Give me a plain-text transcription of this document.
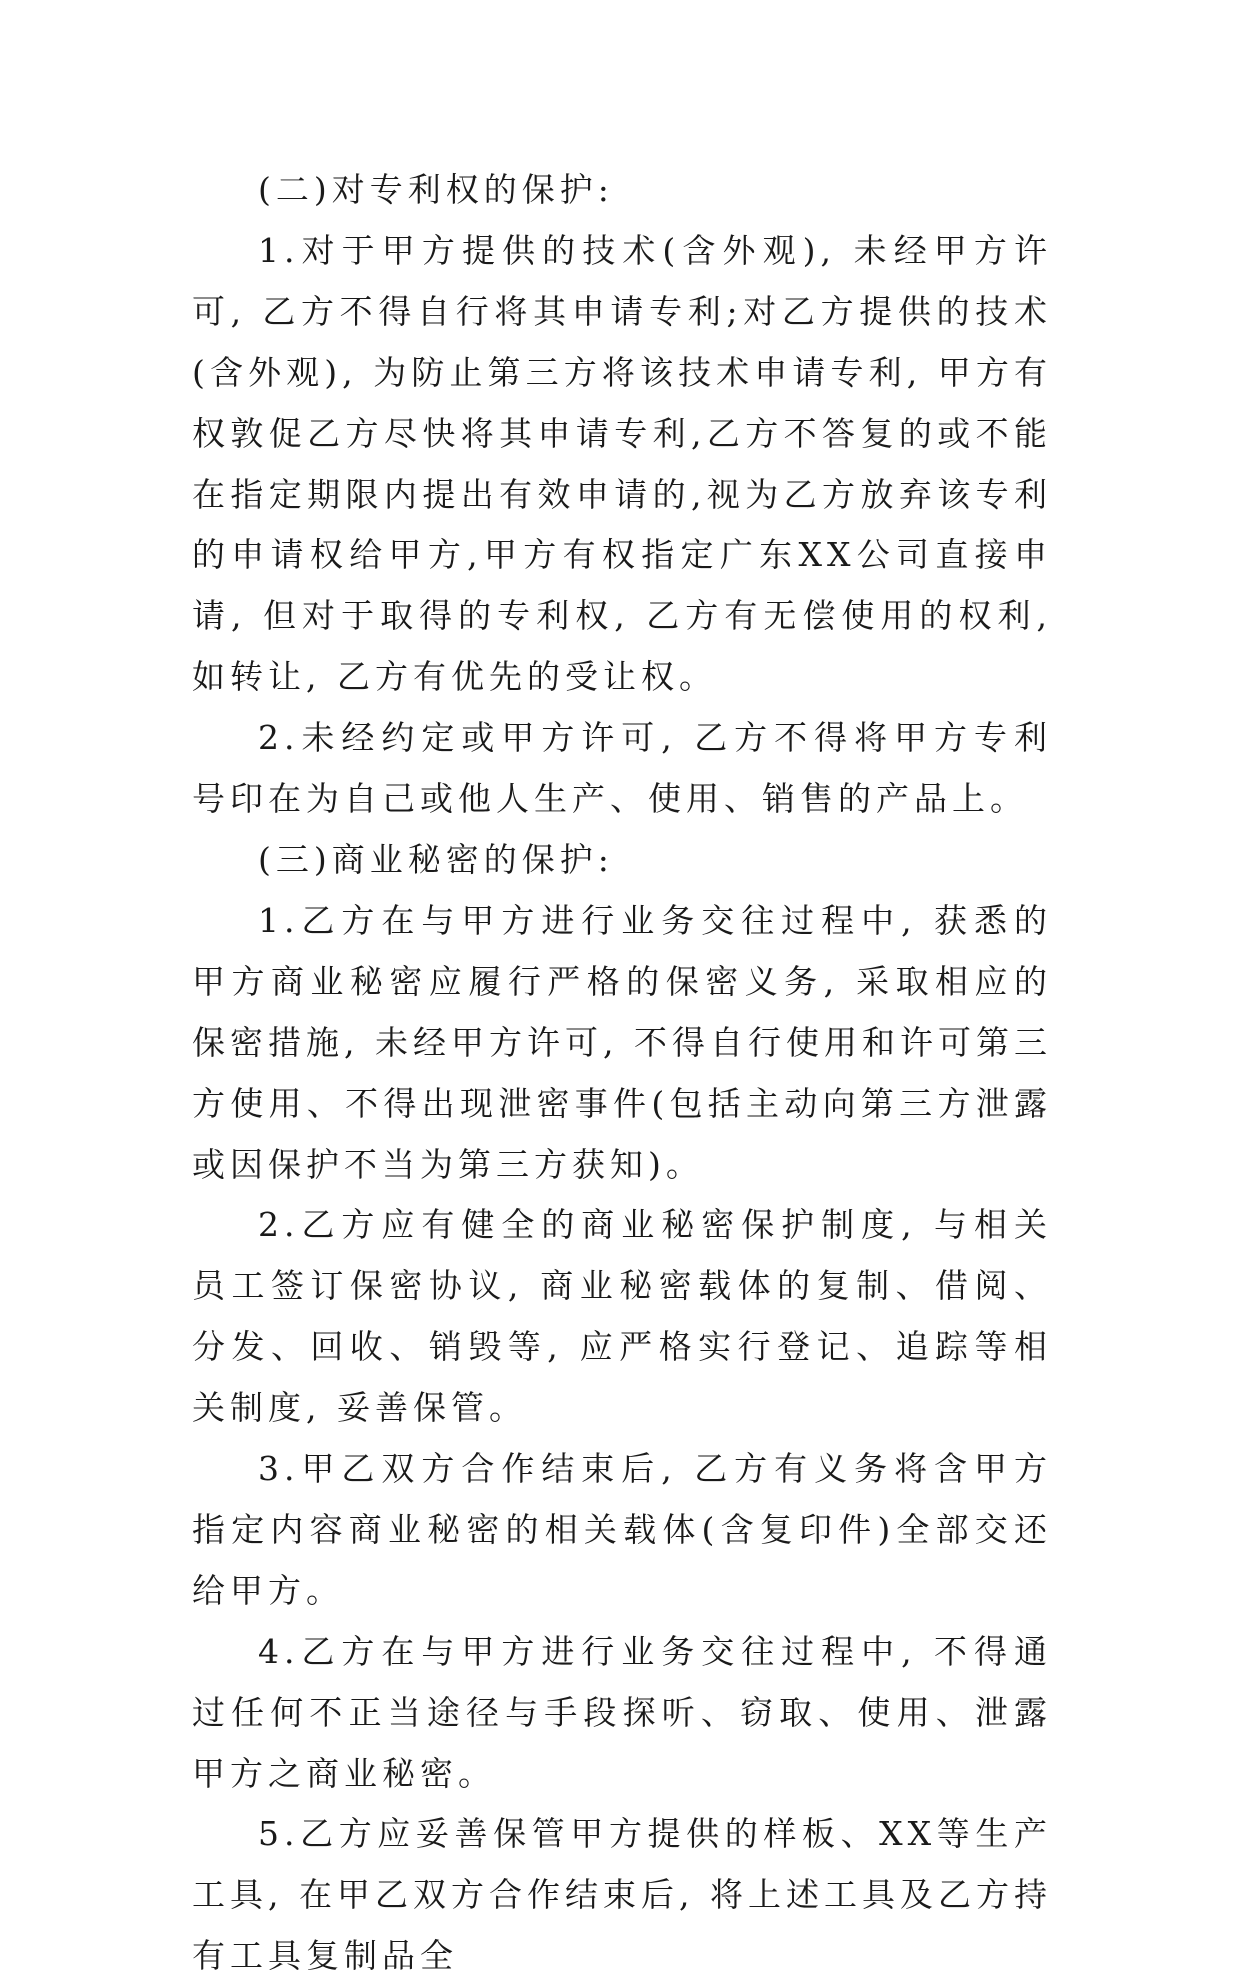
(二)对专利权的保护:

1.对于甲方提供的技术(含外观), 未经甲方许可, 乙方不得自行将其申请专利;对乙方提供的技术(含外观), 为防止第三方将该技术申请专利, 甲方有权敦促乙方尽快将其申请专利,乙方不答复的或不能在指定期限内提出有效申请的,视为乙方放弃该专利的申请权给甲方,甲方有权指定广东XX公司直接申请, 但对于取得的专利权, 乙方有无偿使用的权利, 如转让, 乙方有优先的受让权。

2.未经约定或甲方许可, 乙方不得将甲方专利号印在为自己或他人生产、使用、销售的产品上。

(三)商业秘密的保护:

1.乙方在与甲方进行业务交往过程中, 获悉的甲方商业秘密应履行严格的保密义务, 采取相应的保密措施, 未经甲方许可, 不得自行使用和许可第三方使用、不得出现泄密事件(包括主动向第三方泄露或因保护不当为第三方获知)。

2.乙方应有健全的商业秘密保护制度, 与相关员工签订保密协议, 商业秘密载体的复制、借阅、分发、回收、销毁等, 应严格实行登记、追踪等相关制度, 妥善保管。

3.甲乙双方合作结束后, 乙方有义务将含甲方指定内容商业秘密的相关载体(含复印件)全部交还给甲方。

4.乙方在与甲方进行业务交往过程中, 不得通过任何不正当途径与手段探听、窃取、使用、泄露甲方之商业秘密。

5.乙方应妥善保管甲方提供的样板、XX等生产工具, 在甲乙双方合作结束后, 将上述工具及乙方持有工具复制品全
